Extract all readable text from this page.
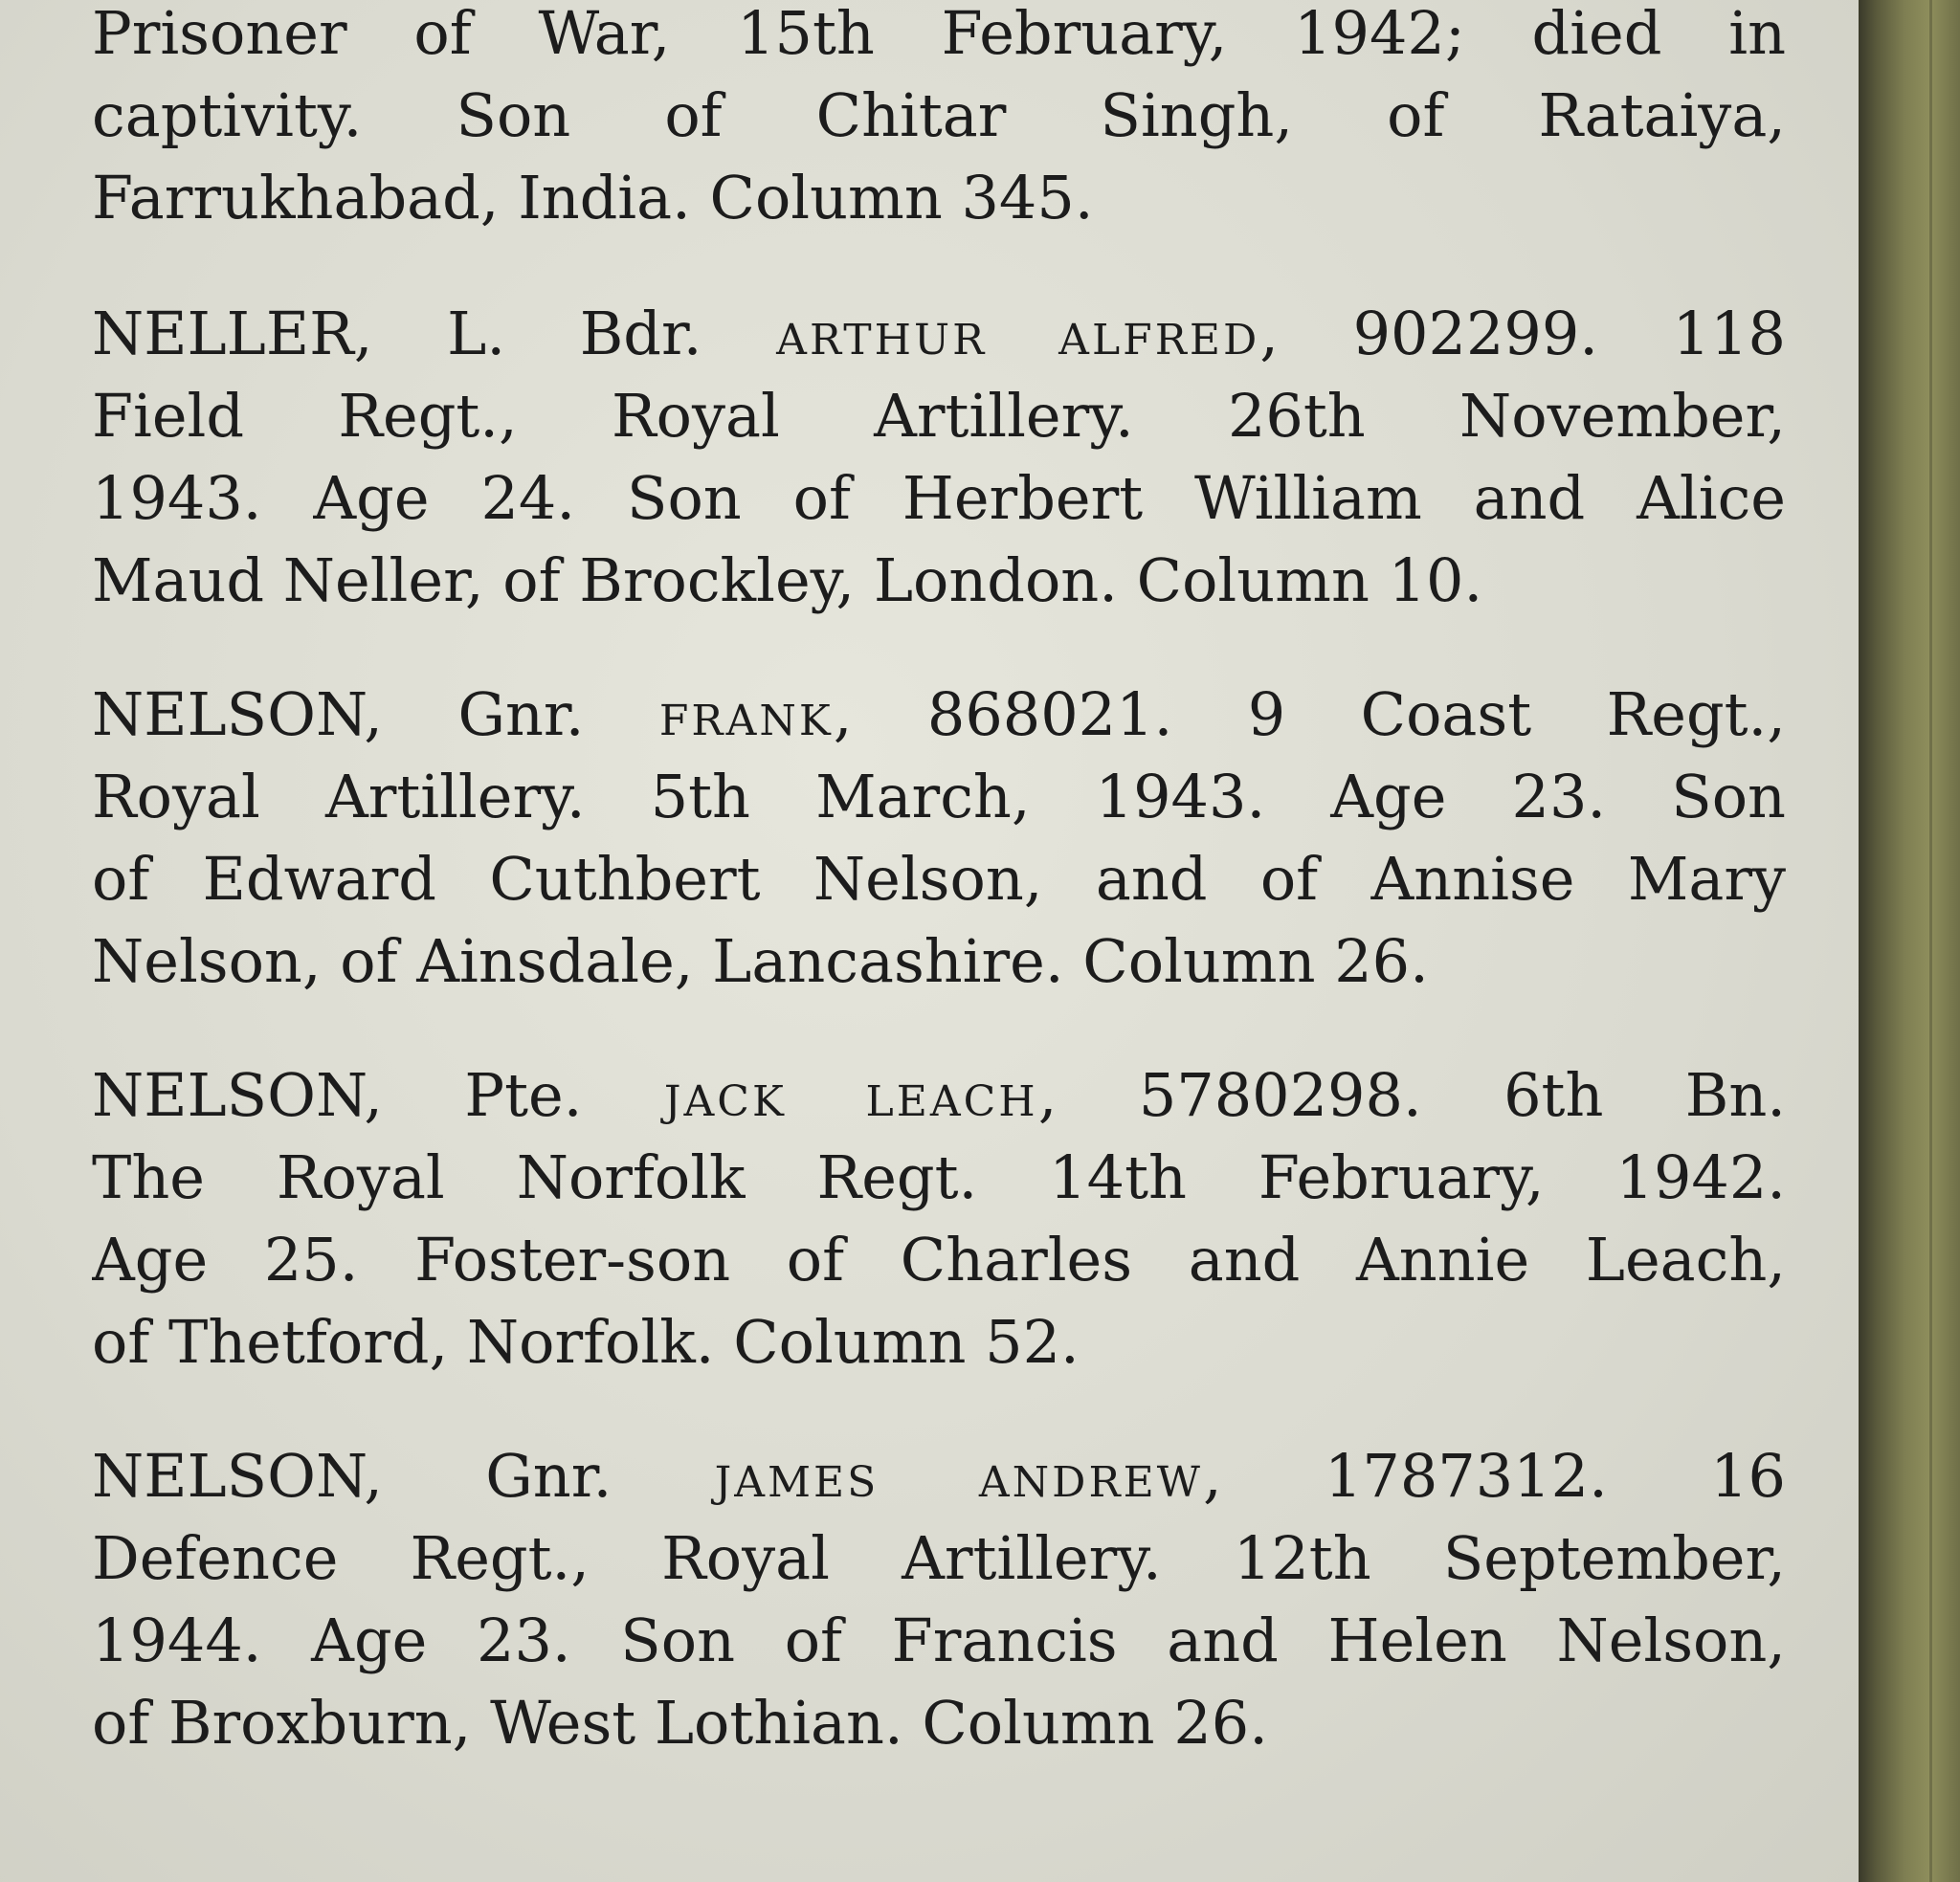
Prisoner of War, 15th February, 1942; died in
captivity. Son of Chitar Singh, of Rataiya,
Farrukhabad, India. Column 345.
NELLER, L. Bdr. ARTHUR ALFRED, 902299. 118
Field Regt., Royal Artillery. 26th November,
1943. Age 24. Son of Herbert William and Alice
Maud Neller, of Brockley, London. Column 10.
NELSON, Gnr. FRANK, 868021. 9 Coast Regt.,
Royal Artillery. 5th March, 1943. Age 23. Son
of Edward Cuthbert Nelson, and of Annise Mary
Nelson, of Ainsdale, Lancashire. Column 26.
NELSON, Pte. JACK LEACH, 5780298. 6th Bn.
The Royal Norfolk Regt. 14th February, 1942.
Age 25. Foster-son of Charles and Annie Leach,
of Thetford, Norfolk. Column 52.
NELSON, Gnr. JAMES ANDREW, 1787312. 16
Defence Regt., Royal Artillery. 12th September,
1944. Age 23. Son of Francis and Helen Nelson,
of Broxburn, West Lothian. Column 26.
